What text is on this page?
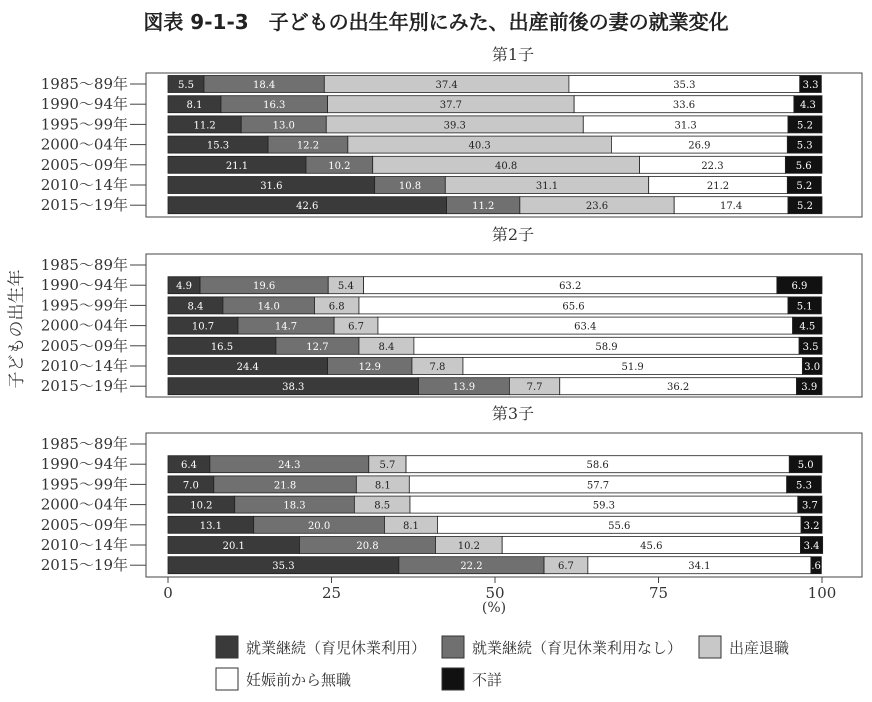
図表 9-1-3　子どもの出生年別にみた、出産前後の妻の就業変化
子どもの出生年
(%)
第1子
1985〜89年	5.5	18.4	37.4	35.3	3.3
1990〜94年	8.1	16.3	37.7	33.6	4.3
1995〜99年	11.2	13.0	39.3	31.3	5.2
2000〜04年	15.3	12.2	40.3	26.9	5.3
2005〜09年	21.1	10.2	40.8	22.3	5.6
2010〜14年	31.6	10.8	31.1	21.2	5.2
2015〜19年	42.6	11.2	23.6	17.4	5.2
第2子
1985〜89年
1990〜94年	4.9	19.6	5.4	63.2	6.9
1995〜99年	8.4	14.0	6.8	65.6	5.1
2000〜04年	10.7	14.7	6.7	63.4	4.5
2005〜09年	16.5	12.7	8.4	58.9	3.5
2010〜14年	24.4	12.9	7.8	51.9	3.0
2015〜19年	38.3	13.9	7.7	36.2	3.9
第3子
1985〜89年
1990〜94年	6.4	24.3	5.7	58.6	5.0
1995〜99年	7.0	21.8	8.1	57.7	5.3
2000〜04年	10.2	18.3	8.5	59.3	3.7
2005〜09年	13.1	20.0	8.1	55.6	3.2
2010〜14年	20.1	20.8	10.2	45.6	3.4
2015〜19年	35.3	22.2	6.7	34.1	.6
0	25	50	75	100
就業継続（育児休業利用）	就業継続（育児休業利用なし）	出産退職
妊娠前から無職	不詳
